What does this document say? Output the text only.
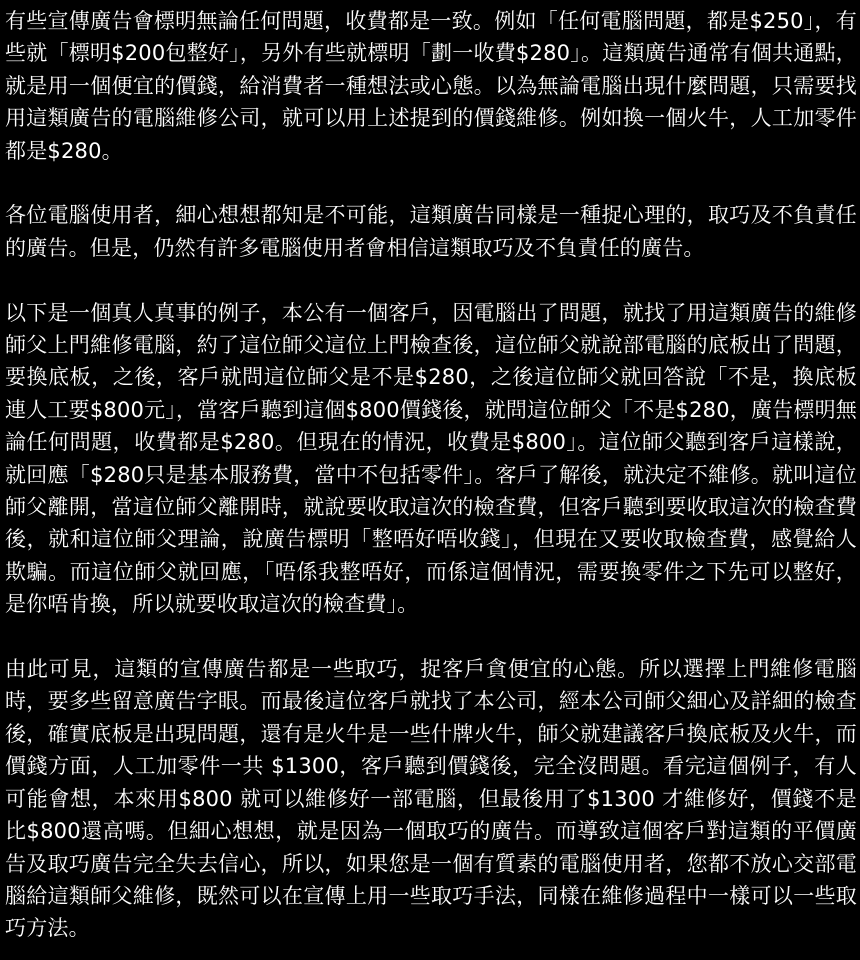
有些宣傳廣告會標明無論任何問題，收費都是一致。例如「任何電腦問題，都是$250」，有些就「標明$200包整好」，另外有些就標明「劃一收費$280」。這類廣告通常有個共通點，就是用一個便宜的價錢，給消費者一種想法或心態。以為無論電腦出現什麼問題，只需要找用這類廣告的電腦維修公司，就可以用上述提到的價錢維修。例如換一個火牛，人工加零件都是$280。

各位電腦使用者，細心想想都知是不可能，這類廣告同樣是一種捉心理的，取巧及不負責任的廣告。但是，仍然有許多電腦使用者會相信這類取巧及不負責任的廣告。

以下是一個真人真事的例子，本公有一個客戶，因電腦出了問題，就找了用這類廣告的維修師父上門維修電腦，約了這位師父這位上門檢查後，這位師父就說部電腦的底板出了問題，要換底板，之後，客戶就問這位師父是不是$280，之後這位師父就回答說「不是，換底板連人工要$800元」，當客戶聽到這個$800價錢後，就問這位師父「不是$280，廣告標明無論任何問題，收費都是$280。但現在的情況，收費是$800」。這位師父聽到客戶這樣說，就回應「$280只是基本服務費，當中不包括零件」。客戶了解後，就決定不維修。就叫這位師父離開，當這位師父離開時，就說要收取這次的檢查費，但客戶聽到要收取這次的檢查費後，就和這位師父理論，說廣告標明「整唔好唔收錢」，但現在又要收取檢查費，感覺給人欺騙。而這位師父就回應，「唔係我整唔好，而係這個情況，需要換零件之下先可以整好，是你唔肯換，所以就要收取這次的檢查費」。

由此可見，這類的宣傳廣告都是一些取巧，捉客戶貪便宜的心態。所以選擇上門維修電腦時，要多些留意廣告字眼。而最後這位客戶就找了本公司，經本公司師父細心及詳細的檢查後，確實底板是出現問題，還有是火牛是一些什牌火牛，師父就建議客戶換底板及火牛，而價錢方面，人工加零件一共 $1300，客戶聽到價錢後，完全沒問題。看完這個例子，有人可能會想，本來用$800 就可以維修好一部電腦，但最後用了$1300 才維修好，價錢不是比$800還高嗎。但細心想想，就是因為一個取巧的廣告。而導致這個客戶對這類的平價廣告及取巧廣告完全失去信心，所以，如果您是一個有質素的電腦使用者，您都不放心交部電腦給這類師父維修，既然可以在宣傳上用一些取巧手法，同樣在維修過程中一樣可以一些取巧方法。
